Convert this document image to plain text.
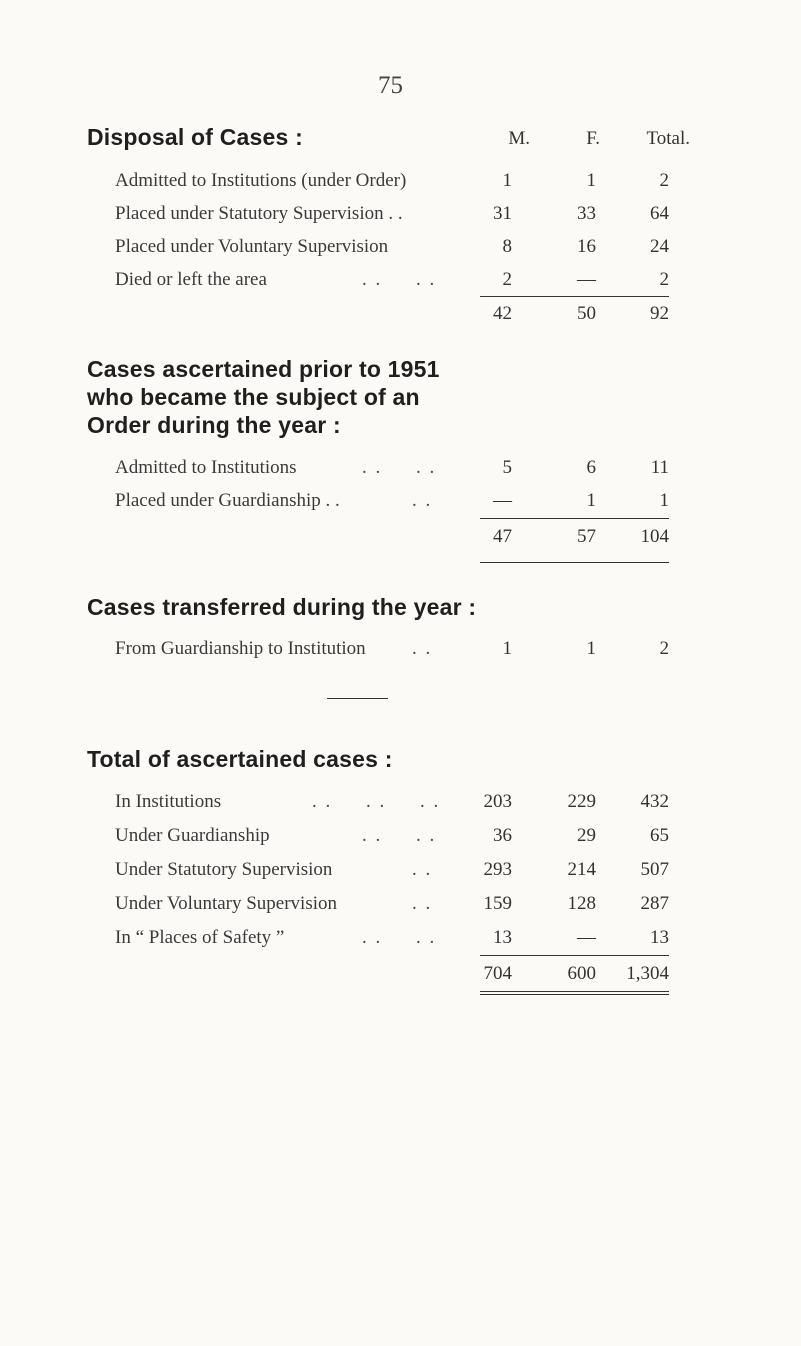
75
Disposal of Cases :	M.	F.	Total.
Admitted to Institutions (under Order)	1	1	2
Placed under Statutory Supervision . .	31	33	64
Placed under Voluntary Supervision	8	16	24
Died or left the area	. .     . .	2	—	2
42	50	92
Cases ascertained prior to 1951
who became the subject of an
Order during the year :
Admitted to Institutions	. .     . .	5	6	11
Placed under Guardianship . .	. .	—	1	1
47	57	104
Cases transferred during the year :
From Guardianship to Institution . .	1	1	2
Total of ascertained cases :
In Institutions	. .     . .     . .	203	229	432
Under Guardianship	. .     . .	36	29	65
Under Statutory Supervision	. .	293	214	507
Under Voluntary Supervision	. .	159	128	287
In “ Places of Safety ”	. .     . .	13	—	13
704	600	1,304
